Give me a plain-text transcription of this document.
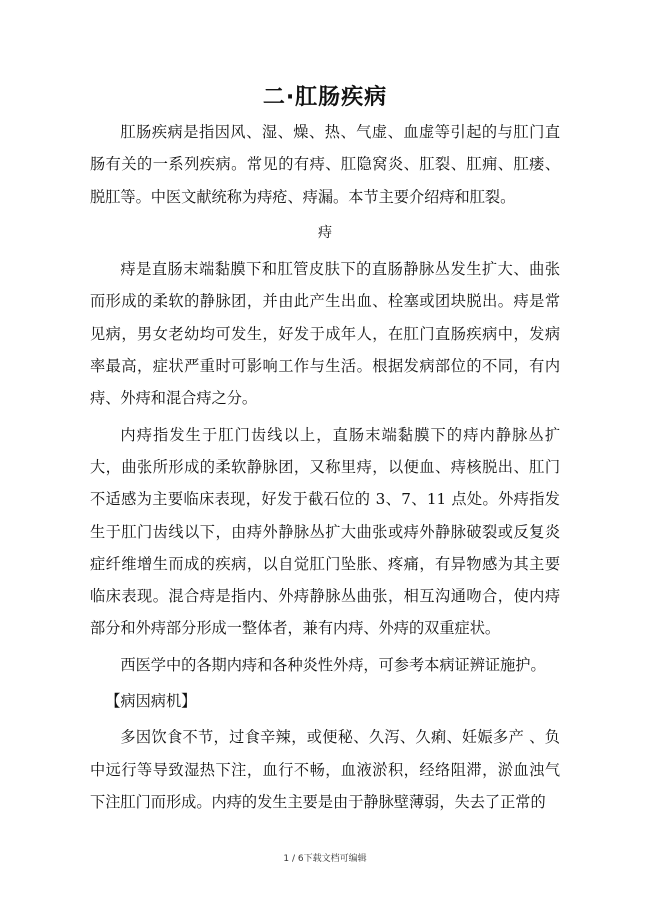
二·肛肠疾病

肛肠疾病是指因风、湿、燥、热、气虚、血虚等引起的与肛门直肠有关的一系列疾病。常见的有痔、肛隐窝炎、肛裂、肛痈、肛瘘、脱肛等。中医文献统称为痔疮、痔漏。本节主要介绍痔和肛裂。

痔

痔是直肠末端黏膜下和肛管皮肤下的直肠静脉丛发生扩大、曲张而形成的柔软的静脉团，并由此产生出血、栓塞或团块脱出。痔是常见病，男女老幼均可发生，好发于成年人，在肛门直肠疾病中，发病率最高，症状严重时可影响工作与生活。根据发病部位的不同，有内痔、外痔和混合痔之分。

内痔指发生于肛门齿线以上，直肠末端黏膜下的痔内静脉丛扩大，曲张所形成的柔软静脉团，又称里痔，以便血、痔核脱出、肛门不适感为主要临床表现，好发于截石位的 3、7、11 点处。外痔指发生于肛门齿线以下，由痔外静脉丛扩大曲张或痔外静脉破裂或反复炎症纤维增生而成的疾病，以自觉肛门坠胀、疼痛，有异物感为其主要临床表现。混合痔是指内、外痔静脉丛曲张，相互沟通吻合，使内痔部分和外痔部分形成一整体者，兼有内痔、外痔的双重症状。

西医学中的各期内痔和各种炎性外痔，可参考本病证辨证施护。

【病因病机】

多因饮食不节，过食辛辣，或便秘、久泻、久痢、妊娠多产 、负中远行等导致湿热下注，血行不畅，血液淤积，经络阻滞，淤血浊气下注肛门而形成。内痔的发生主要是由于静脉壁薄弱，失去了正常的

1 / 6下载文档可编辑
